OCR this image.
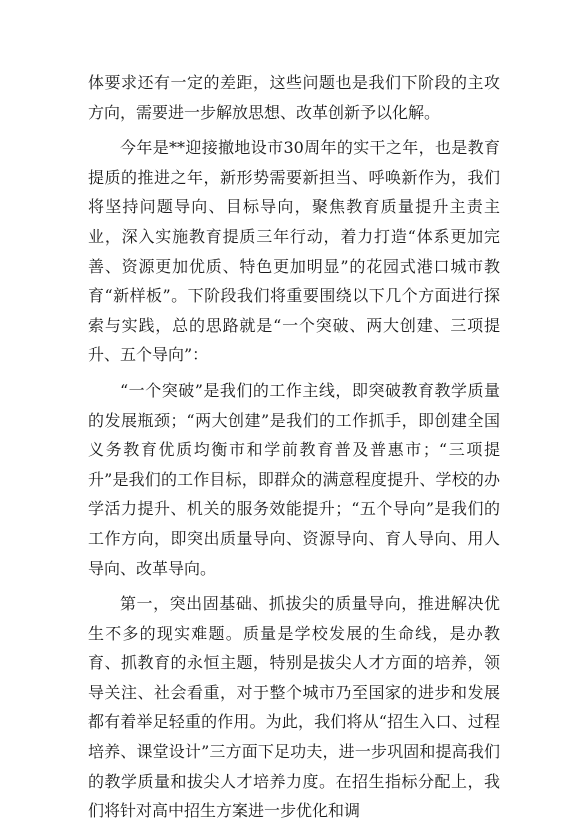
体要求还有一定的差距，这些问题也是我们下阶段的主攻方向，需要进一步解放思想、改革创新予以化解。

今年是**迎接撤地设市30周年的实干之年，也是教育提质的推进之年，新形势需要新担当、呼唤新作为，我们将坚持问题导向、目标导向，聚焦教育质量提升主责主业，深入实施教育提质三年行动，着力打造“体系更加完善、资源更加优质、特色更加明显”的花园式港口城市教育“新样板”。下阶段我们将重要围绕以下几个方面进行探索与实践，总的思路就是“一个突破、两大创建、三项提升、五个导向”：

“一个突破”是我们的工作主线，即突破教育教学质量的发展瓶颈；“两大创建”是我们的工作抓手，即创建全国义务教育优质均衡市和学前教育普及普惠市；“三项提升”是我们的工作目标，即群众的满意程度提升、学校的办学活力提升、机关的服务效能提升；“五个导向”是我们的工作方向，即突出质量导向、资源导向、育人导向、用人导向、改革导向。

第一，突出固基础、抓拔尖的质量导向，推进解决优生不多的现实难题。质量是学校发展的生命线，是办教育、抓教育的永恒主题，特别是拔尖人才方面的培养，领导关注、社会看重，对于整个城市乃至国家的进步和发展都有着举足轻重的作用。为此，我们将从“招生入口、过程培养、课堂设计”三方面下足功夫，进一步巩固和提高我们的教学质量和拔尖人才培养力度。在招生指标分配上，我们将针对高中招生方案进一步优化和调
